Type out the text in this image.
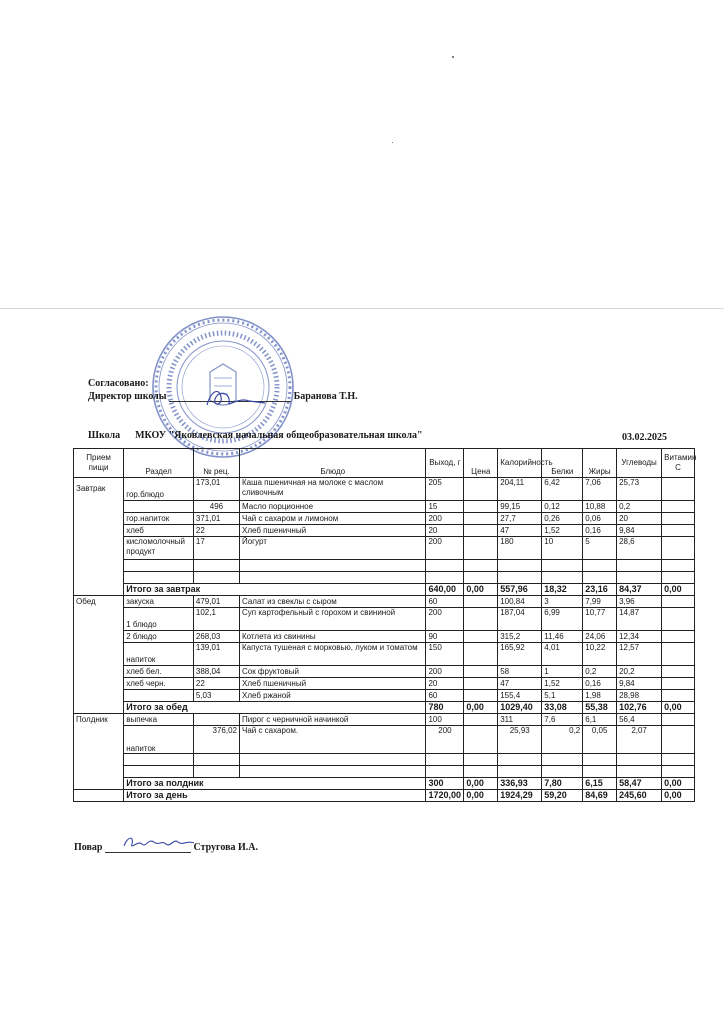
Согласовано:
Директор школы	Баранова Т.Н.
Школа МКОУ "Яковлевская начальная общеобразовательная школа"	03.02.2025
Прием пищи	Раздел	№ рец.	Блюдо	Выход, г	Цена	Калорийность	Белки	Жиры	Углеводы	Витамин С
Завтрак	гор.блюдо	173,01	Каша пшеничная на молоке с маслом сливочным	205		204,11	6,42	7,06	25,73	
		496	Масло порционное	15		99,15	0,12	10,88	0,2	
	гор.напиток	371,01	Чай с сахаром и лимоном	200		27,7	0,26	0,06	20	
	хлеб	22	Хлеб пшеничный	20		47	1,52	0,16	9,84	
	кисломолочный продукт	17	Йогурт	200		180	10	5	28,6	

	Итого за завтрак			640,00	0,00	557,96	18,32	23,16	84,37	0,00
Обед	закуска	479,01	Салат из свеклы с сыром	60		100,84	3	7,99	3,96	
	1 блюдо	102,1	Суп картофельный с горохом и свининой	200		187,04	6,99	10,77	14,87	
	2 блюдо	268,03	Котлета из свинины	90		315,2	11,46	24,06	12,34	
	напиток	139,01	Капуста тушеная с морковью, луком и томатом	150		165,92	4,01	10,22	12,57	
	хлеб бел.	388,04	Сок фруктовый	200		58	1	0,2	20,2	
	хлеб черн.	22	Хлеб пшеничный	20		47	1,52	0,16	9,84	
		5,03	Хлеб ржаной	60		155,4	5,1	1,98	28,98	
	Итого за обед			780	0,00	1029,40	33,08	55,38	102,76	0,00
Полдник	выпечка		Пирог с черничной начинкой	100		311	7,6	6,1	56,4	
	напиток	376,02	Чай с сахаром.	200		25,93	0,2	0,05	2,07	

	Итого за полдник			300	0,00	336,93	7,80	6,15	58,47	0,00
	Итого за день			1720,00	0,00	1924,29	59,20	84,69	245,60	0,00
Повар	Стругова И.А.
